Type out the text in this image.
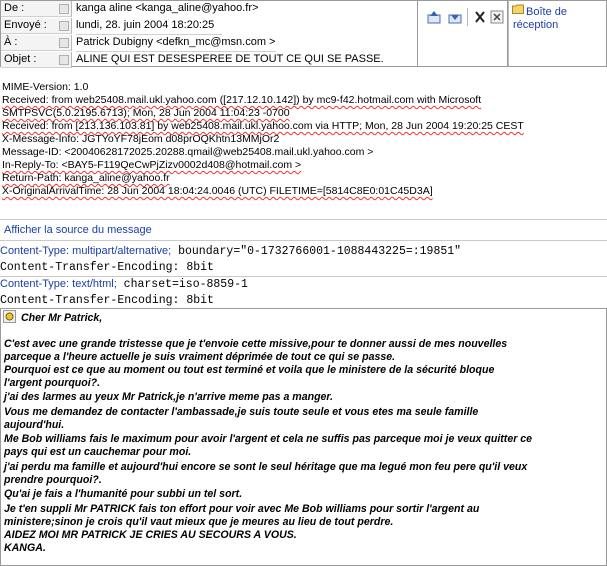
De :	kanga aline <kanga_aline@yahoo.fr>
Envoyé :	lundi, 28. juin 2004 18:20:25
À :	Patrick Dubigny <defkn_mc@msn.com >
Objet :	ALINE QUI EST DESESPEREE DE TOUT CE QUI SE PASSE.
Boîte de
réception
MIME-Version: 1.0
Received: from web25408.mail.ukl.yahoo.com ([217.12.10.142]) by mc9-f42.hotmail.com with Microsoft
SMTPSVC(5.0.2195.6713); Mon, 28 Jun 2004 11:04:23 -0700
Received: from [213.136.103.81] by web25408.mail.ukl.yahoo.com via HTTP; Mon, 28 Jun 2004 19:20:25 CEST
X-Message-Info: JGTYoYF78jEom d08prOQKhtn13MMjOr2
Message-ID: <20040628172025.20288.qmail@web25408.mail.ukl.yahoo.com >
In-Reply-To: <BAY5-F119QeCwPjZizv0002d408@hotmail.com >
Return-Path: kanga_aline@yahoo.fr
X-OriginalArrivalTime: 28 Jun 2004 18:04:24.0046 (UTC) FILETIME=[5814C8E0:01C45D3A]
Afficher la source du message
Content-Type: multipart/alternative; boundary="0-1732766001-1088443225=:19851"
Content-Transfer-Encoding: 8bit
Content-Type: text/html; charset=iso-8859-1
Content-Transfer-Encoding: 8bit
Cher Mr Patrick,
C'est avec une grande tristesse que je t'envoie cette missive,pour te donner aussi de mes nouvelles
parceque a l'heure actuelle je suis vraiment déprimée de tout ce qui se passe.
Pourquoi est ce que au moment ou tout est terminé et voila que le ministere de la sécurité bloque
l'argent pourquoi?.
j'ai des larmes au yeux Mr Patrick,je n'arrive meme pas a manger.
Vous me demandez de contacter l'ambassade,je suis toute seule et vous etes ma seule famille
aujourd'hui.
Me Bob williams fais le maximum pour avoir l'argent et cela ne suffis pas parceque moi je veux quitter ce
pays qui est un cauchemar pour moi.
j'ai perdu ma famille et aujourd'hui encore se sont le seul héritage que ma legué mon feu pere qu'il veux
prendre pourquoi?.
Qu'ai je fais a l'humanité pour subbi un tel sort.
Je t'en suppli Mr PATRICK fais ton effort pour voir avec Me Bob williams pour sortir l'argent au
ministere;sinon je crois qu'il vaut mieux que je meures au lieu de tout perdre.
AIDEZ MOI MR PATRICK JE CRIES AU SECOURS A VOUS.
KANGA.
